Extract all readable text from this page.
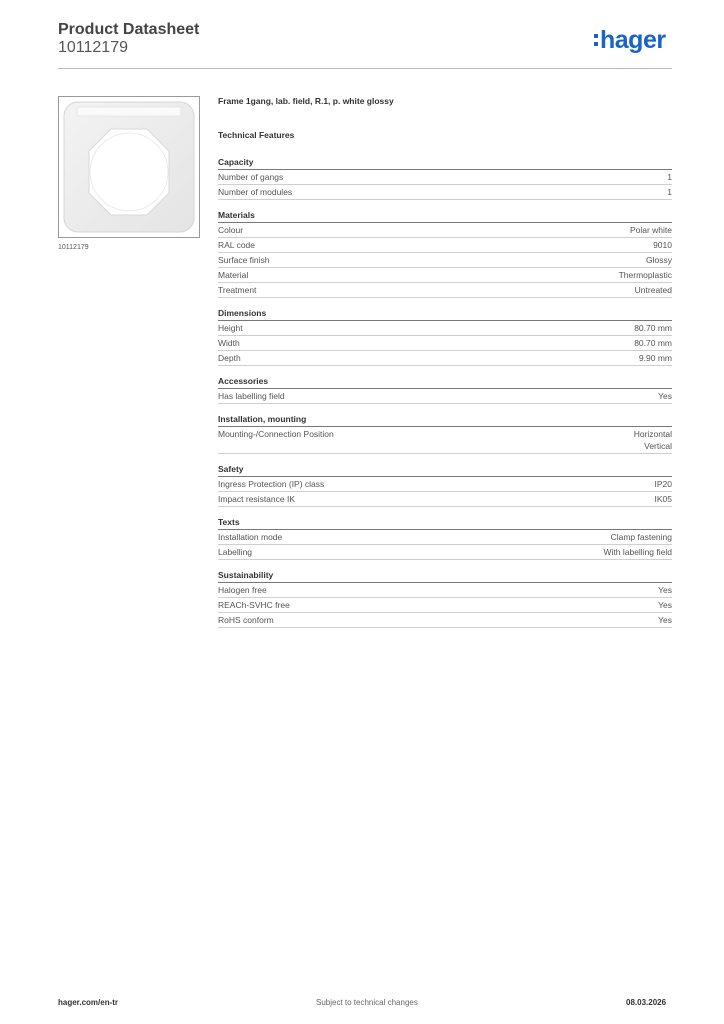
Product Datasheet
10112179	hager
10112179
Frame 1gang, lab. field, R.1, p. white glossy
Technical Features
Capacity
Number of gangs	1
Number of modules	1
Materials
Colour	Polar white
RAL code	9010
Surface finish	Glossy
Material	Thermoplastic
Treatment	Untreated
Dimensions
Height	80.70 mm
Width	80.70 mm
Depth	9.90 mm
Accessories
Has labelling field	Yes
Installation, mounting
Mounting-/Connection Position	Horizontal
Vertical
Safety
Ingress Protection (IP) class	IP20
Impact resistance IK	IK05
Texts
Installation mode	Clamp fastening
Labelling	With labelling field
Sustainability
Halogen free	Yes
REACh-SVHC free	Yes
RoHS conform	Yes
hager.com/en-tr	Subject to technical changes	08.03.2026
